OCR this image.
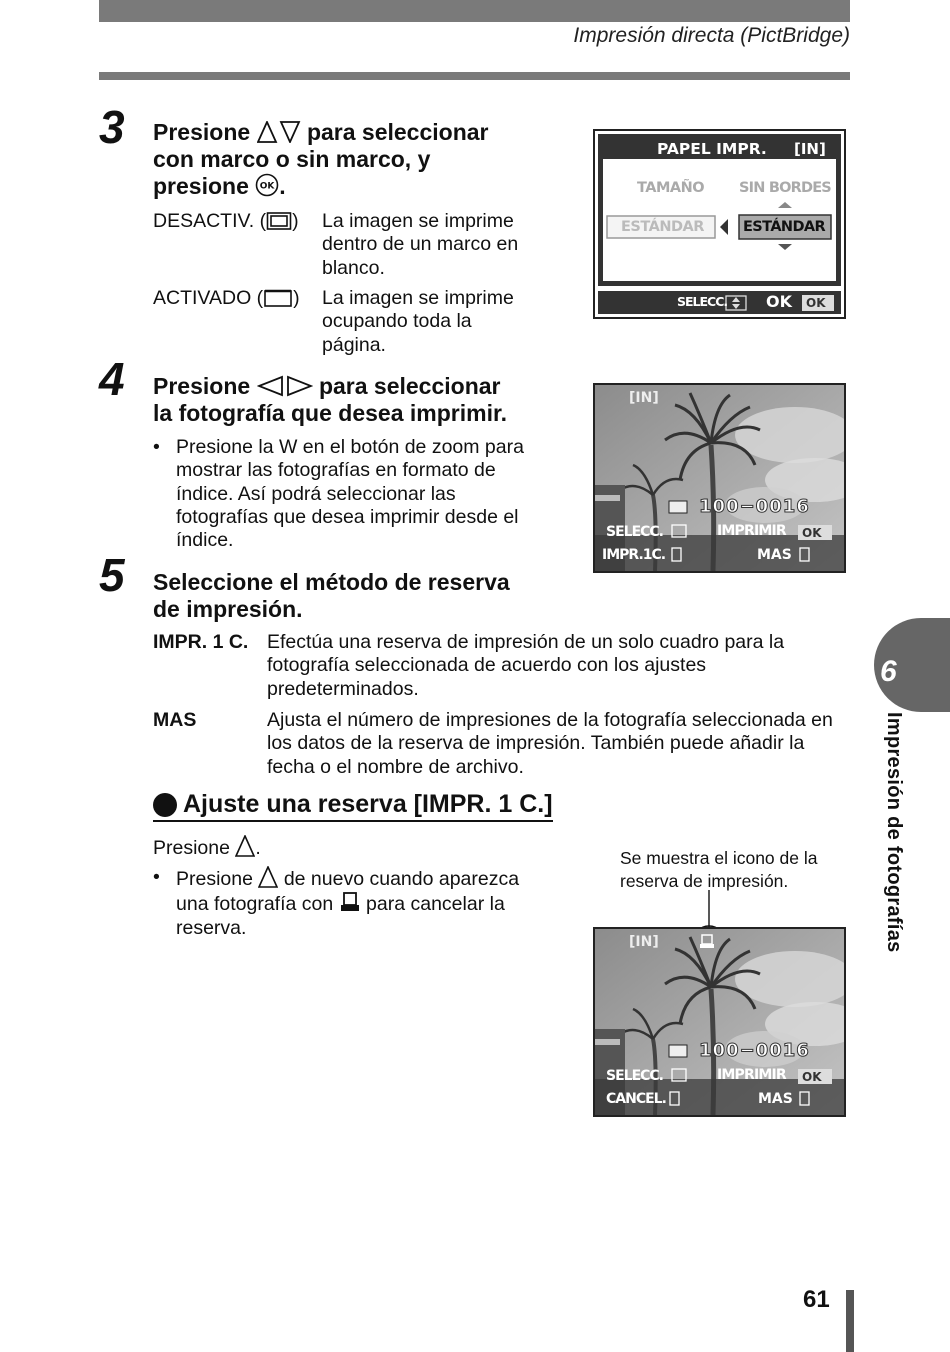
Impresión directa (PictBridge)
3 Presione para seleccionar
con marco o sin marco, y
presione OK .
DESACTIV. ( )	La imagen se imprime
dentro de un marco en
blanco.
ACTIVADO ( )	La imagen se imprime
ocupando toda la
página.
PAPEL IMPR. [IN]
TAMAÑO SIN BORDES
ESTÁNDAR	ESTÁNDAR
SELECC. OK OK
4 Presione	para seleccionar
la fotografía que desea imprimir.
• Presione la W en el botón de zoom para
mostrar las fotografías en formato de
índice. Así podrá seleccionar las
fotografías que desea imprimir desde el
índice.
[IN]
100−0016
SELECC.	IMPRIMIR OK
IMPR.1C.	MAS
5 Seleccione el método de reserva
de impresión.
IMPR. 1 C. Efectúa una reserva de impresión de un solo cuadro para la
fotografía seleccionada de acuerdo con los ajustes
predeterminados.
MAS	Ajusta el número de impresiones de la fotografía seleccionada en
los datos de la reserva de impresión. También puede añadir la
fecha o el nombre de archivo.
Ajuste una reserva [IMPR. 1 C.]
Presione .
• Presione de nuevo cuando aparezca
una fotografía con para cancelar la
reserva.
Se muestra el icono de la
reserva de impresión.
[IN]
100−0016
SELECC.	IMPRIMIR OK
CANCEL.	MAS
6
Impresión de fotografías
61
